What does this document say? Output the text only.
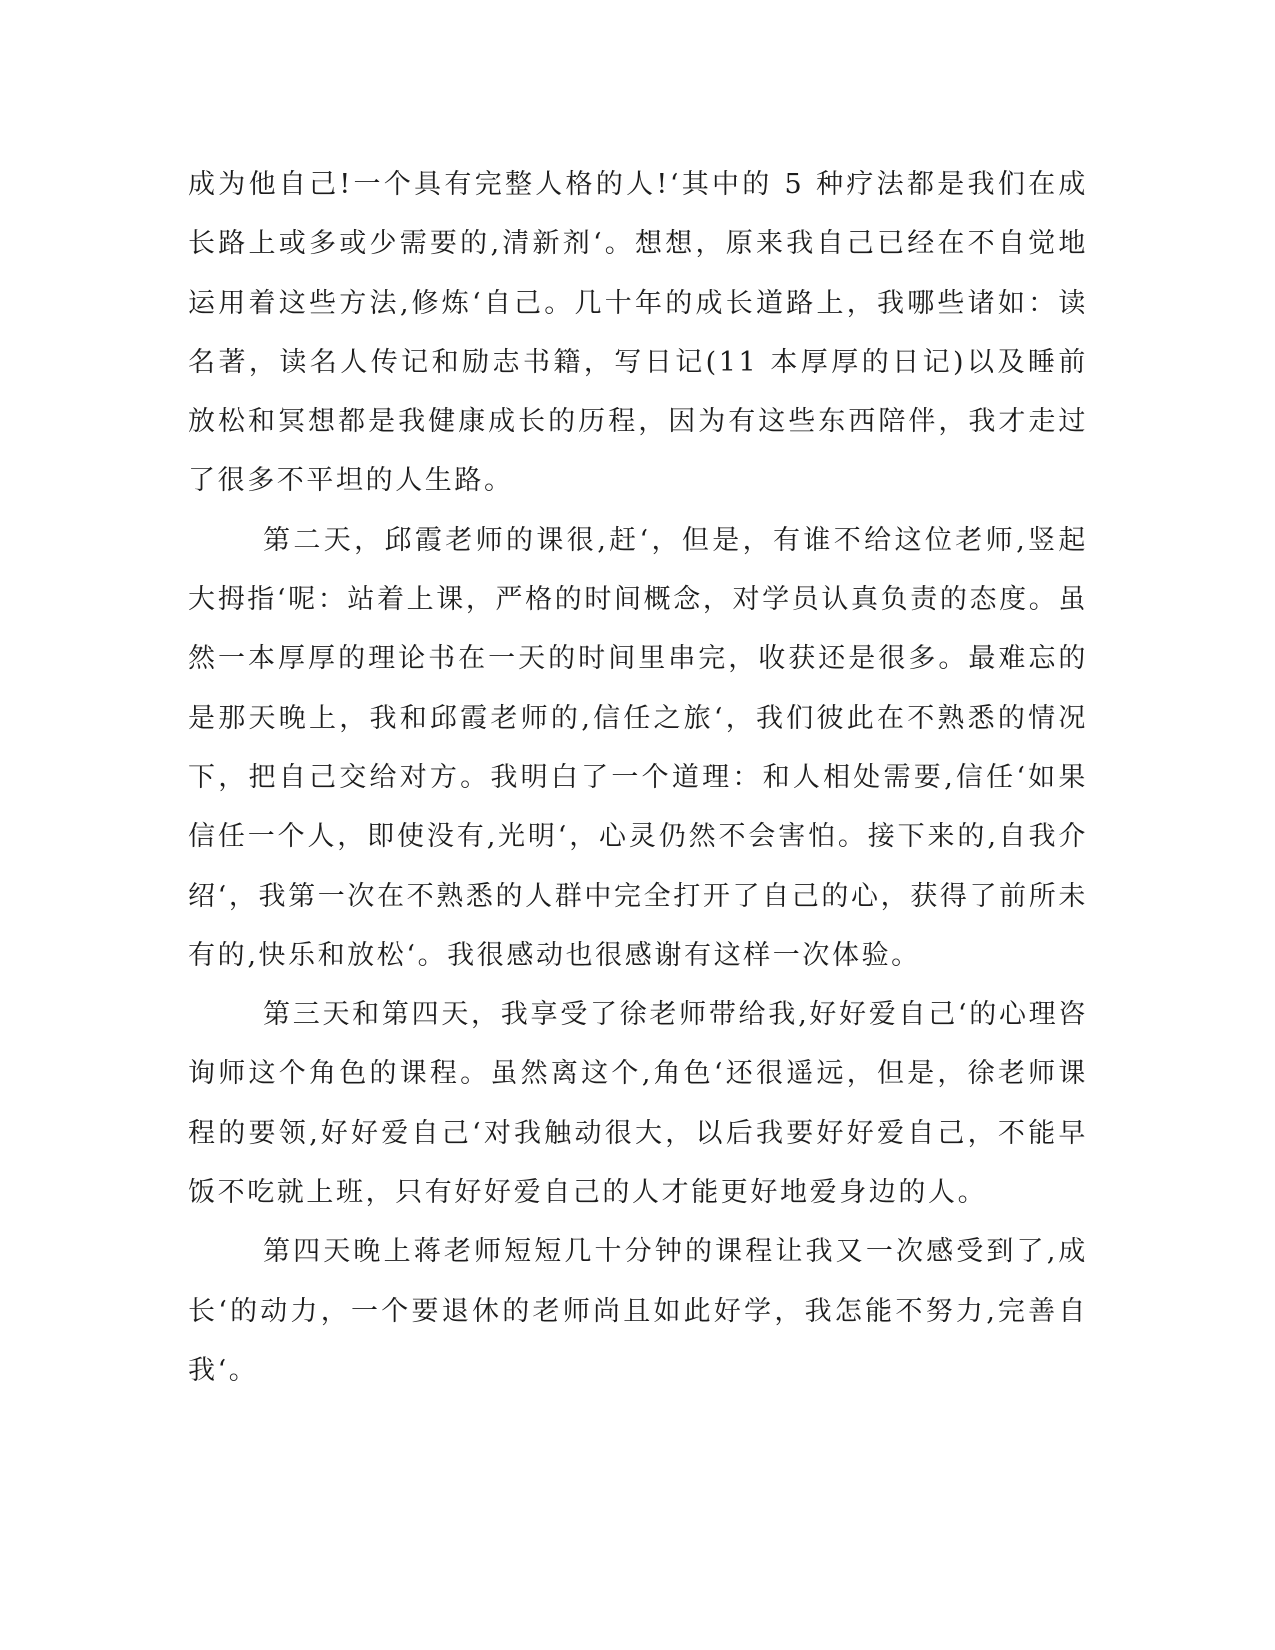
成为他自己!一个具有完整人格的人!‘其中的 5 种疗法都是我们在成长路上或多或少需要的‚清新剂‘。想想，原来我自己已经在不自觉地运用着这些方法‚修炼‘自己。几十年的成长道路上，我哪些诸如：读名著，读名人传记和励志书籍，写日记(11 本厚厚的日记)以及睡前放松和冥想都是我健康成长的历程，因为有这些东西陪伴，我才走过了很多不平坦的人生路。

第二天，邱霞老师的课很‚赶‘，但是，有谁不给这位老师‚竖起大拇指‘呢：站着上课，严格的时间概念，对学员认真负责的态度。虽然一本厚厚的理论书在一天的时间里串完，收获还是很多。最难忘的是那天晚上，我和邱霞老师的‚信任之旅‘，我们彼此在不熟悉的情况下，把自己交给对方。我明白了一个道理：和人相处需要‚信任‘如果信任一个人，即使没有‚光明‘，心灵仍然不会害怕。接下来的‚自我介绍‘，我第一次在不熟悉的人群中完全打开了自己的心，获得了前所未有的‚快乐和放松‘。我很感动也很感谢有这样一次体验。

第三天和第四天，我享受了徐老师带给我‚好好爱自己‘的心理咨询师这个角色的课程。虽然离这个‚角色‘还很遥远，但是，徐老师课程的要领‚好好爱自己‘对我触动很大，以后我要好好爱自己，不能早饭不吃就上班，只有好好爱自己的人才能更好地爱身边的人。

第四天晚上蒋老师短短几十分钟的课程让我又一次感受到了‚成长‘的动力，一个要退休的老师尚且如此好学，我怎能不努力‚完善自我‘。
